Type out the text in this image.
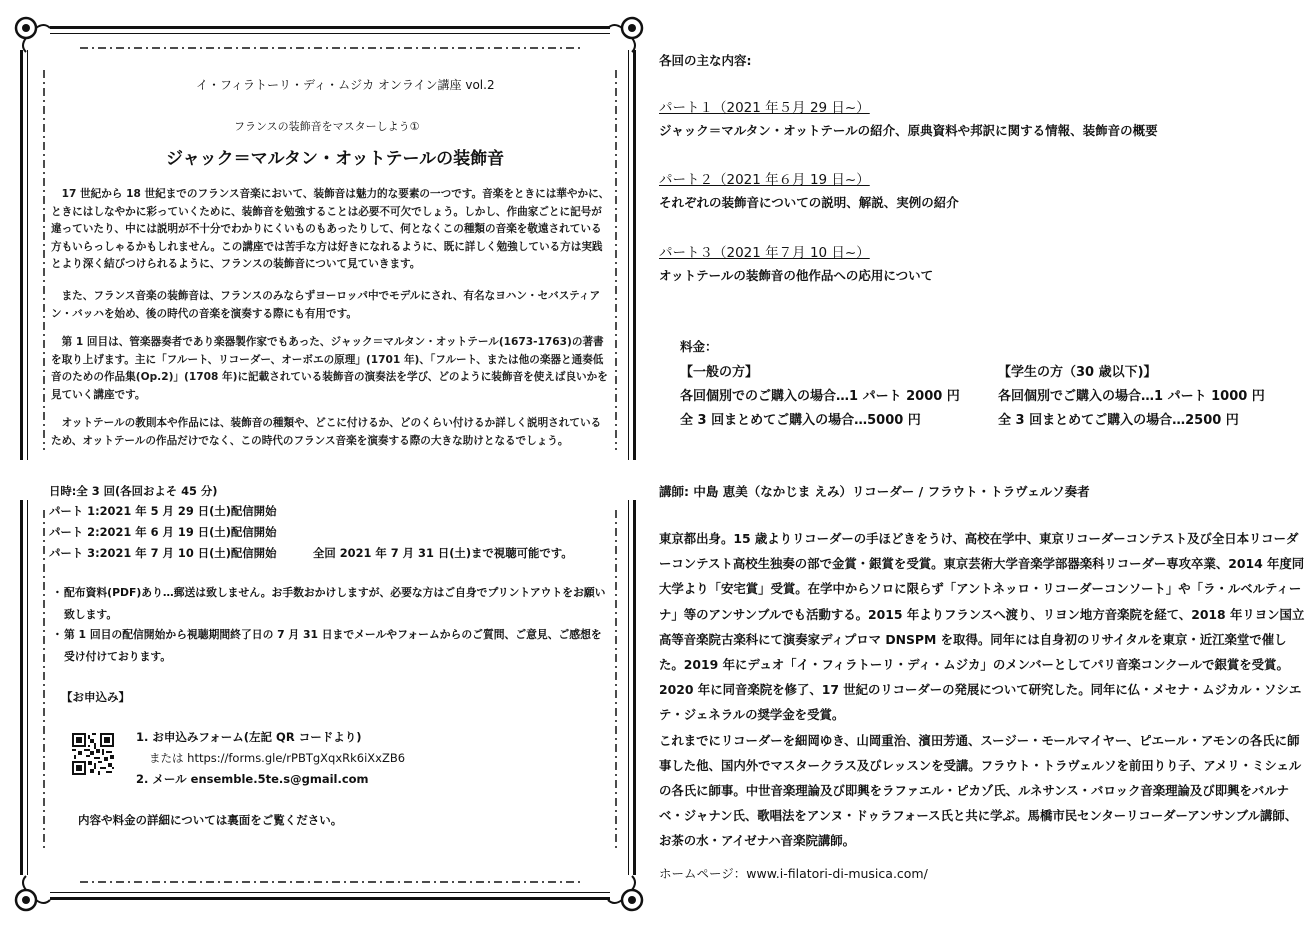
イ・フィラトーリ・ディ・ムジカ オンライン講座 vol.2
フランスの装飾音をマスターしよう①
ジャック＝マルタン・オットテールの装飾音
17 世紀から 18 世紀までのフランス音楽において、装飾音は魅力的な要素の一つです。音楽をときには華やかに、ときにはしなやかに彩っていくために、装飾音を勉強することは必要不可欠でしょう。しかし、作曲家ごとに記号が違っていたり、中には説明が不十分でわかりにくいものもあったりして、何となくこの種類の音楽を敬遠されている方もいらっしゃるかもしれません。この講座では苦手な方は好きになれるように、既に詳しく勉強している方は実践とより深く結びつけられるように、フランスの装飾音について見ていきます。
また、フランス音楽の装飾音は、フランスのみならずヨーロッパ中でモデルにされ、有名なヨハン・セバスティアン・バッハを始め、後の時代の音楽を演奏する際にも有用です。
第 1 回目は、管楽器奏者であり楽器製作家でもあった、ジャック＝マルタン・オットテール(1673-1763)の著書を取り上げます。主に「フルート、リコーダー、オーボエの原理」(1701 年)、「フルート、または他の楽器と通奏低音のための作品集(Op.2)」(1708 年)に記載されている装飾音の演奏法を学び、どのように装飾音を使えば良いかを見ていく講座です。
オットテールの教則本や作品には、装飾音の種類や、どこに付けるか、どのくらい付けるか詳しく説明されているため、オットテールの作品だけでなく、この時代のフランス音楽を演奏する際の大きな助けとなるでしょう。
日時:全 3 回(各回およそ 45 分)
パート 1:2021 年 5 月 29 日(土)配信開始
パート 2:2021 年 6 月 19 日(土)配信開始
パート 3:2021 年 7 月 10 日(土)配信開始	全回 2021 年 7 月 31 日(土)まで視聴可能です。
・ 配布資料(PDF)あり…郵送は致しません。お手数おかけしますが、必要な方はご自身でプリントアウトをお願い致します。
・ 第 1 回目の配信開始から視聴期間終了日の 7 月 31 日までメールやフォームからのご質問、ご意見、ご感想を受け付けております。
【お申込み】
1. お申込みフォーム(左記 QR コードより)
または https://forms.gle/rPBTgXqxRk6iXxZB6
2. メール ensemble.5te.s@gmail.com
内容や料金の詳細については裏面をご覧ください。
各回の主な内容:
パート１（2021 年５月 29 日~）
ジャック＝マルタン・オットテールの紹介、原典資料や邦訳に関する情報、装飾音の概要
パート２（2021 年６月 19 日~）
それぞれの装飾音についての説明、解説、実例の紹介
パート３（2021 年７月 10 日~）
オットテールの装飾音の他作品への応用について
料金：
【一般の方】
各回個別でのご購入の場合…1 パート 2000 円
全 3 回まとめてご購入の場合…5000 円
【学生の方（30 歳以下)】
各回個別でご購入の場合…1 パート 1000 円
全 3 回まとめてご購入の場合…2500 円
講師: 中島 恵美（なかじま えみ）リコーダー / フラウト・トラヴェルソ奏者

東京都出身。15 歳よりリコーダーの手ほどきをうけ、高校在学中、東京リコーダーコンテスト及び全日本リコーダーコンテスト高校生独奏の部で金賞・銀賞を受賞。東京芸術大学音楽学部器楽科リコーダー専攻卒業、2014 年度同大学より「安宅賞」受賞。在学中からソロに限らず「アントネッロ・リコーダーコンソート」や「ラ・ルベルティーナ」等のアンサンブルでも活動する。2015 年よりフランスへ渡り、リヨン地方音楽院を経て、2018 年リヨン国立高等音楽院古楽科にて演奏家ディプロマ DNSPM を取得。同年には自身初のリサイタルを東京・近江楽堂で催した。2019 年にデュオ「イ・フィラトーリ・ディ・ムジカ」のメンバーとしてパリ音楽コンクールで銀賞を受賞。2020 年に同音楽院を修了、17 世紀のリコーダーの発展について研究した。同年に仏・メセナ・ムジカル・ソシエテ・ジェネラルの奨学金を受賞。

これまでにリコーダーを細岡ゆき、山岡重治、濱田芳通、スージー・モールマイヤー、ピエール・アモンの各氏に師事した他、国内外でマスタークラス及びレッスンを受講。フラウト・トラヴェルソを前田りり子、アメリ・ミシェルの各氏に師事。中世音楽理論及び即興をラファエル・ピカゾ氏、ルネサンス・バロック音楽理論及び即興をバルナベ・ジャナン氏、歌唱法をアンヌ・ドゥラフォース氏と共に学ぶ。馬橋市民センターリコーダーアンサンブル講師、お茶の水・アイゼナハ音楽院講師。

ホームページ：www.i-filatori-di-musica.com/
